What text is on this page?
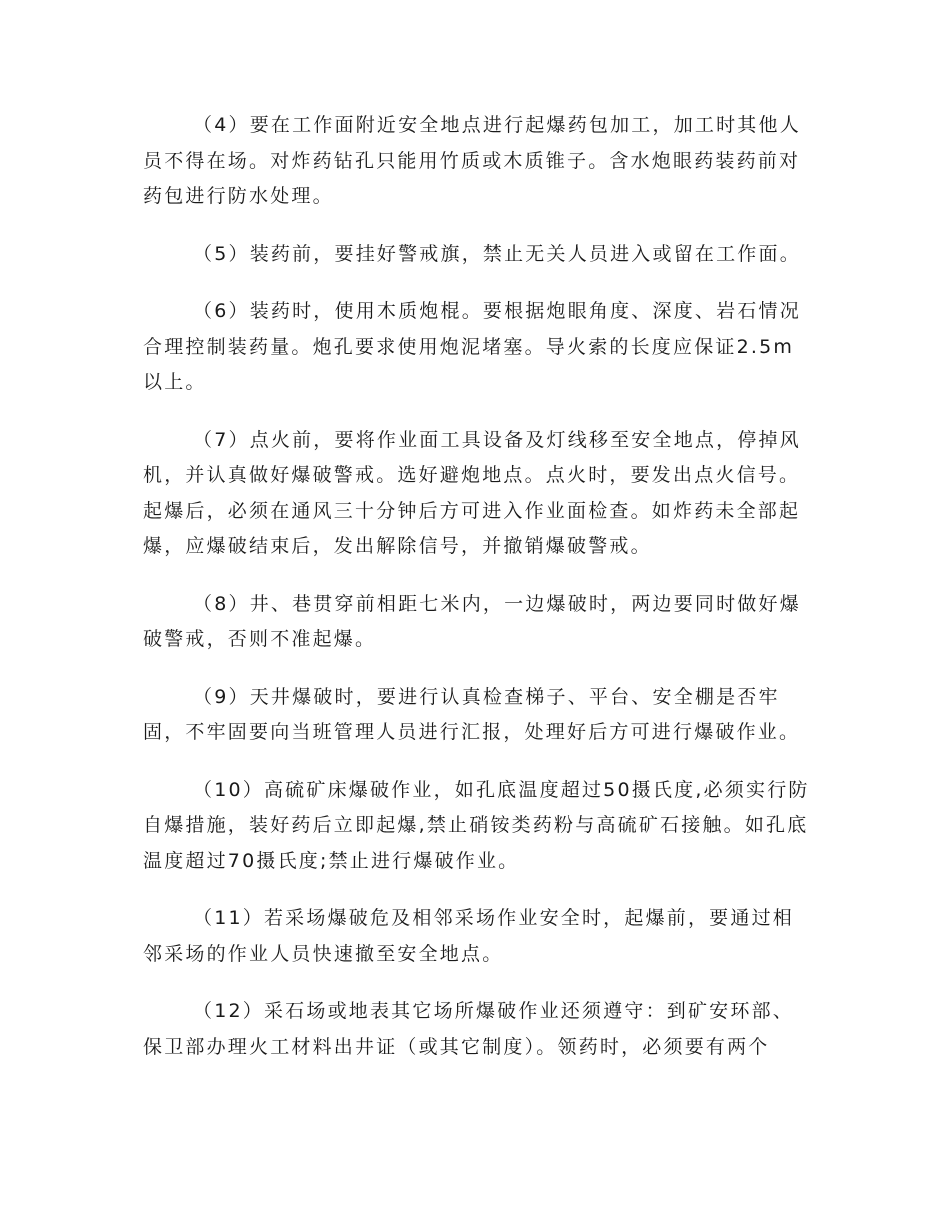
（4）要在工作面附近安全地点进行起爆药包加工，加工时其他人员不得在场。对炸药钻孔只能用竹质或木质锥子。含水炮眼药装药前对药包进行防水处理。

（5）装药前，要挂好警戒旗，禁止无关人员进入或留在工作面。

（6）装药时，使用木质炮棍。要根据炮眼角度、深度、岩石情况合理控制装药量。炮孔要求使用炮泥堵塞。导火索的长度应保证2.5m以上。

（7）点火前，要将作业面工具设备及灯线移至安全地点，停掉风机，并认真做好爆破警戒。选好避炮地点。点火时，要发出点火信号。起爆后，必须在通风三十分钟后方可进入作业面检查。如炸药未全部起爆，应爆破结束后，发出解除信号，并撤销爆破警戒。

（8）井、巷贯穿前相距七米内，一边爆破时，两边要同时做好爆破警戒，否则不准起爆。

（9）天井爆破时，要进行认真检查梯子、平台、安全棚是否牢固，不牢固要向当班管理人员进行汇报，处理好后方可进行爆破作业。

（10）高硫矿床爆破作业，如孔底温度超过50摄氏度,必须实行防自爆措施，装好药后立即起爆,禁止硝铵类药粉与高硫矿石接触。如孔底温度超过70摄氏度;禁止进行爆破作业。

（11）若采场爆破危及相邻采场作业安全时，起爆前，要通过相邻采场的作业人员快速撤至安全地点。

（12）采石场或地表其它场所爆破作业还须遵守：到矿安环部、保卫部办理火工材料出井证（或其它制度）。领药时，必须要有两个
